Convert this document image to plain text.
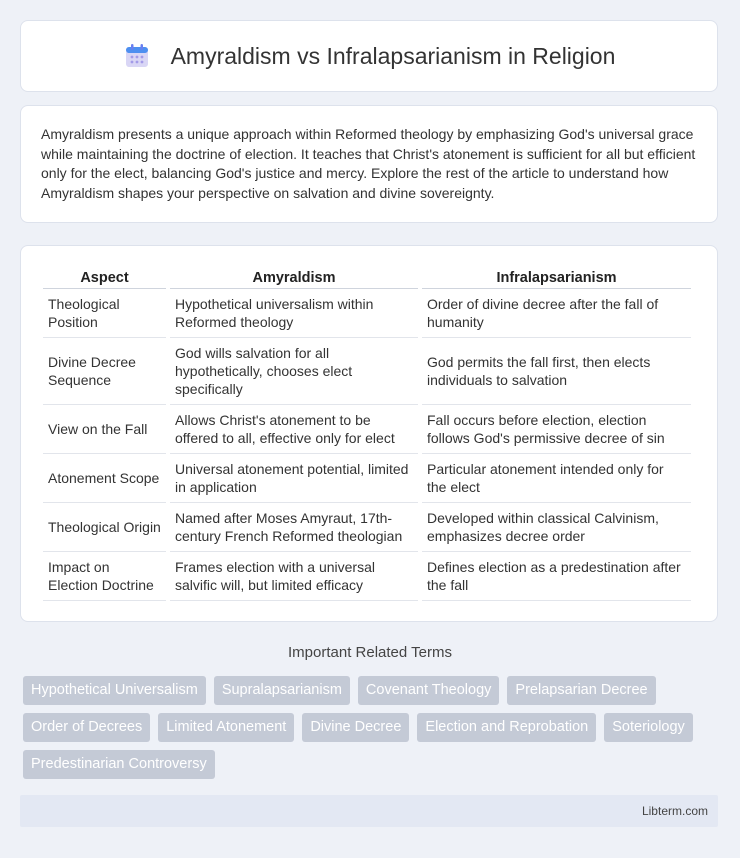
Amyraldism vs Infralapsarianism in Religion
Amyraldism presents a unique approach within Reformed theology by emphasizing God's universal grace while maintaining the doctrine of election. It teaches that Christ's atonement is sufficient for all but efficient only for the elect, balancing God's justice and mercy. Explore the rest of the article to understand how Amyraldism shapes your perspective on salvation and divine sovereignty.
Aspect	Amyraldism	Infralapsarianism
Theological Position	Hypothetical universalism within Reformed theology	Order of divine decree after the fall of humanity
Divine Decree Sequence	God wills salvation for all hypothetically, chooses elect specifically	God permits the fall first, then elects individuals to salvation
View on the Fall	Allows Christ's atonement to be offered to all, effective only for elect	Fall occurs before election, election follows God's permissive decree of sin
Atonement Scope	Universal atonement potential, limited in application	Particular atonement intended only for the elect
Theological Origin	Named after Moses Amyraut, 17th-century French Reformed theologian	Developed within classical Calvinism, emphasizes decree order
Impact on Election Doctrine	Frames election with a universal salvific will, but limited efficacy	Defines election as a predestination after the fall
Important Related Terms
Hypothetical Universalism	Supralapsarianism	Covenant Theology	Prelapsarian Decree
Order of Decrees	Limited Atonement	Divine Decree	Election and Reprobation	Soteriology
Predestinarian Controversy
Libterm.com
